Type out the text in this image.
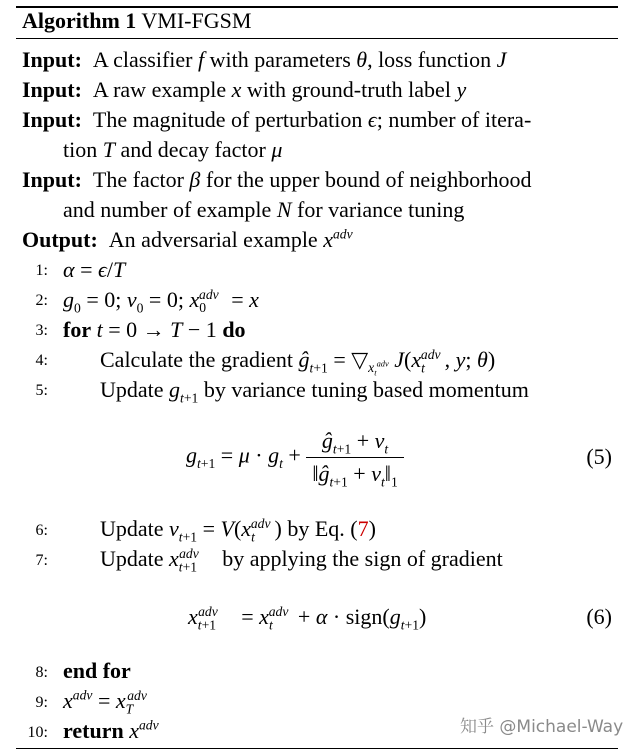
Algorithm 1 VMI-FGSM
Input:  A classifier f with parameters θ, loss function J
Input:  A raw example x with ground-truth label y
Input:  The magnitude of perturbation ϵ; number of itera-
tion T and decay factor μ
Input:  The factor β for the upper bound of neighborhood
and number of example N for variance tuning
Output:  An adversarial example $x^{adv}$
1: α = ϵ/T
2: $g_0 = 0$; $v_0 = 0$; $x_0^{adv} = x$
3: for t = 0 → T − 1 do
4: Calculate the gradient $ĝ_{t+1}$ = $▽_{x_t^{adv}}$ $J(x_t^{adv}$ , y; θ)
5: Update $g_{t+1}$ by variance tuning based momentum
$g_{t+1} = \mu \cdot g_t + \frac{ĝ_{t+1} + v_t}{‖ĝ_{t+1} + v_t‖_1}$	(5)
6: Update $v_{t+1} = V(x_t^{adv}$ ) by Eq. (7)
7: Update $x_{t+1}^{adv}$ by applying the sign of gradient
$x_{t+1}^{adv} = x_t^{adv} + \alpha$ · $sign(g_{t+1})$	(6)
8: end for
9: $x^{adv} = x_T^{adv}$
10: return $x^{adv}$	知乎 @Michael-Way
